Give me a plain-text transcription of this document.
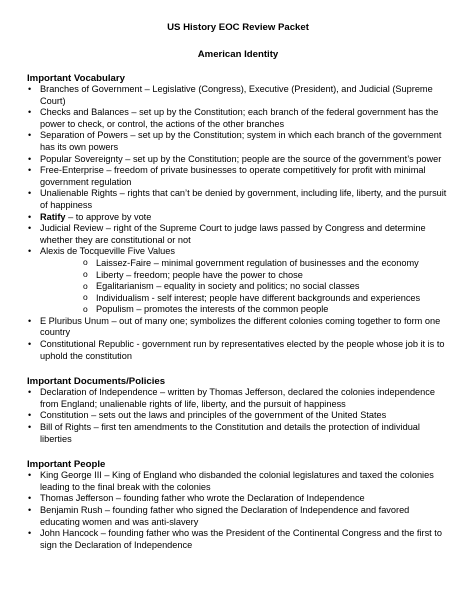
US History EOC Review Packet

American Identity

Important Vocabulary

• Branches of Government – Legislative (Congress), Executive (President), and Judicial (Supreme Court)
• Checks and Balances – set up by the Constitution; each branch of the federal government has the power to check, or control, the actions of the other branches
• Separation of Powers – set up by the Constitution; system in which each branch of the government has its own powers
• Popular Sovereignty – set up by the Constitution; people are the source of the government’s power
• Free-Enterprise – freedom of private businesses to operate competitively for profit with minimal government regulation
• Unalienable Rights – rights that can’t be denied by government, including life, liberty, and the pursuit of happiness
• Ratify – to approve by vote
• Judicial Review – right of the Supreme Court to judge laws passed by Congress and determine whether they are constitutional or not
• Alexis de Tocqueville Five Values
o Laissez-Faire – minimal government regulation of businesses and the economy
o Liberty – freedom; people have the power to chose
o Egalitarianism – equality in society and politics; no social classes
o Individualism - self interest; people have different backgrounds and experiences
o Populism – promotes the interests of the common people
• E Pluribus Unum – out of many one; symbolizes the different colonies coming together to form one country
• Constitutional Republic - government run by representatives elected by the people whose job it is to uphold the constitution

Important Documents/Policies

• Declaration of Independence – written by Thomas Jefferson, declared the colonies independence from England; unalienable rights of life, liberty, and the pursuit of happiness
• Constitution – sets out the laws and principles of the government of the United States
• Bill of Rights – first ten amendments to the Constitution and details the protection of individual liberties

Important People

• King George III – King of England who disbanded the colonial legislatures and taxed the colonies leading to the final break with the colonies
• Thomas Jefferson – founding father who wrote the Declaration of Independence
• Benjamin Rush – founding father who signed the Declaration of Independence and favored educating women and was anti-slavery
• John Hancock – founding father who was the President of the Continental Congress and the first to sign the Declaration of Independence
